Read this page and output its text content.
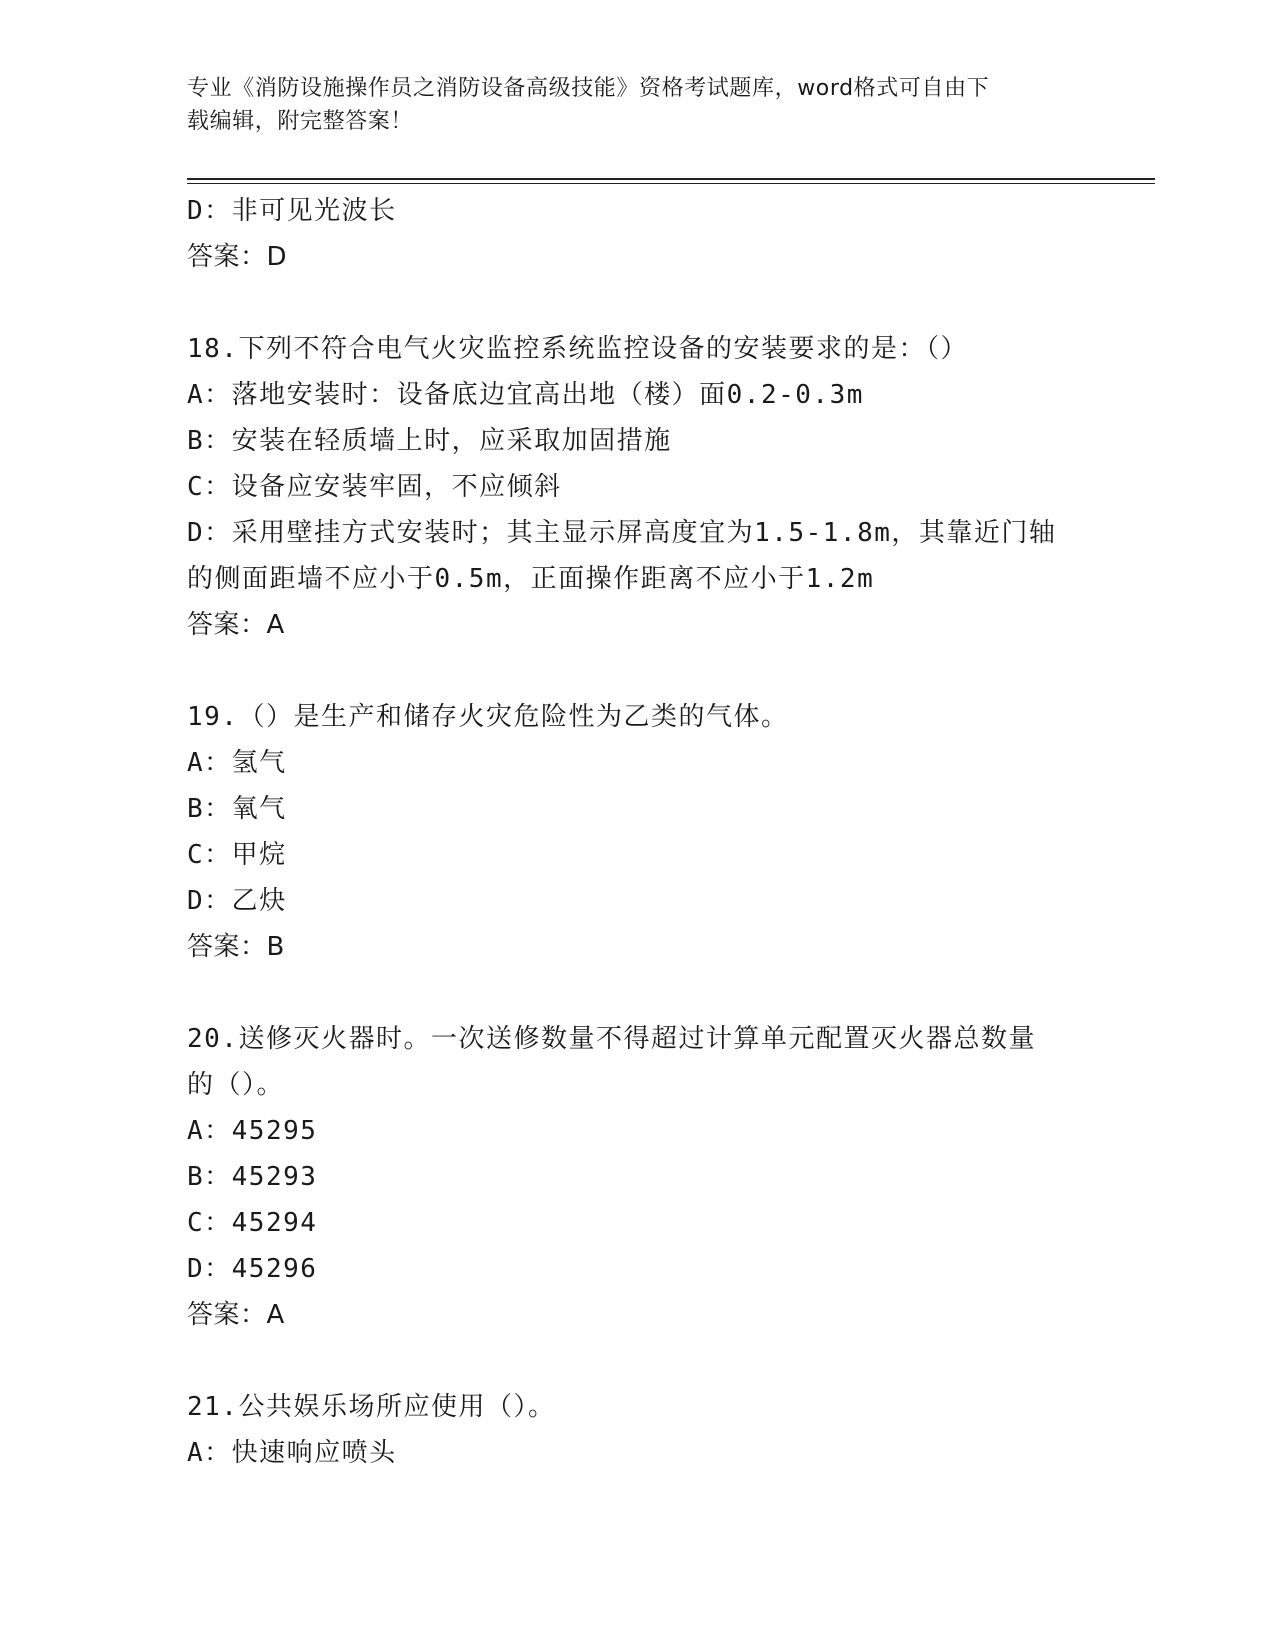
专业《消防设施操作员之消防设备高级技能》资格考试题库，word格式可自由下
载编辑，附完整答案！
D：非可见光波长
答案：D
18.下列不符合电气火灾监控系统监控设备的安装要求的是：（）
A：落地安装时：设备底边宜高出地（楼）面0.2-0.3m
B：安装在轻质墙上时，应采取加固措施
C：设备应安装牢固，不应倾斜
D：采用壁挂方式安装时；其主显示屏高度宜为1.5-1.8m，其靠近门轴
的侧面距墙不应小于0.5m，正面操作距离不应小于1.2m
答案：A
19.（）是生产和储存火灾危险性为乙类的气体。
A：氢气
B：氧气
C：甲烷
D：乙炔
答案：B
20.送修灭火器时。一次送修数量不得超过计算单元配置灭火器总数量
的（）。
A：45295
B：45293
C：45294
D：45296
答案：A
21.公共娱乐场所应使用（）。
A：快速响应喷头
